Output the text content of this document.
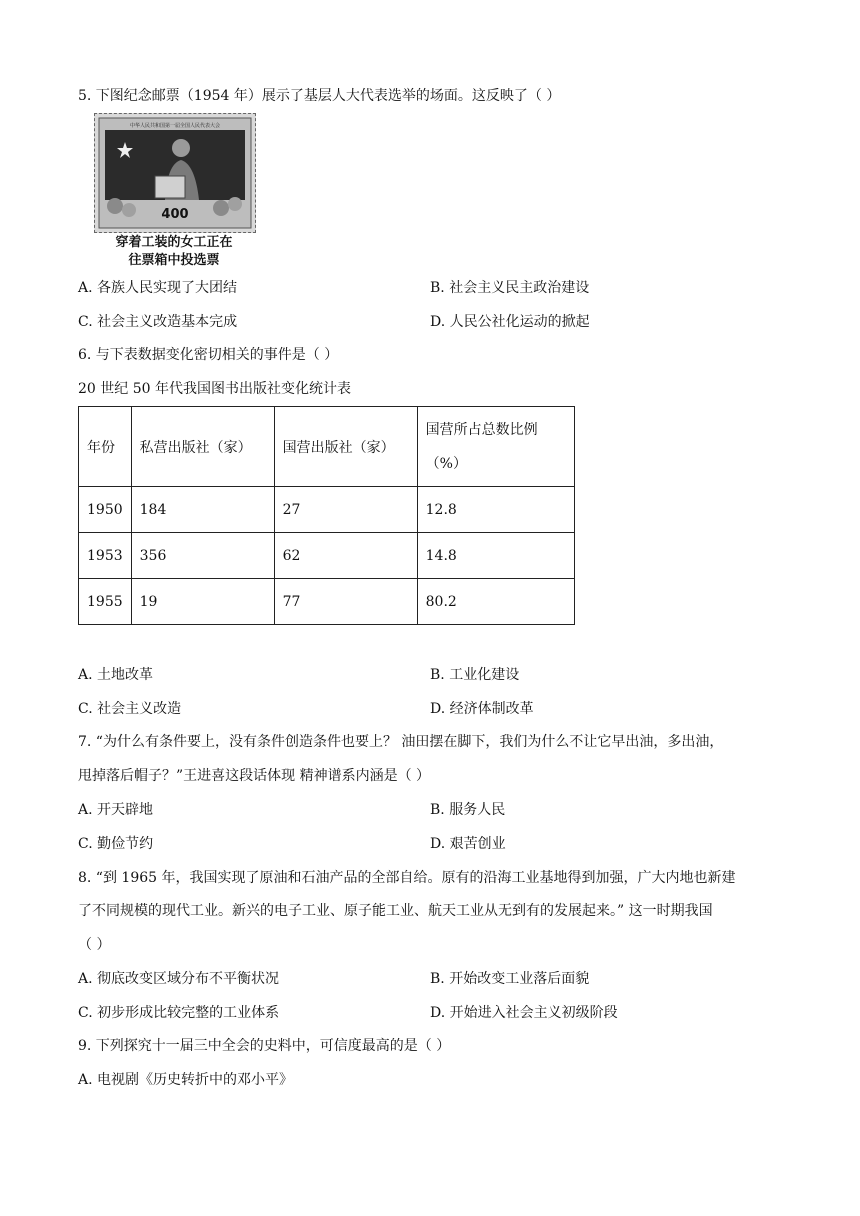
5. 下图纪念邮票（1954 年）展示了基层人大代表选举的场面。这反映了（ ）
中华人民共和国第一届全国人民代表大会
400
穿着工装的女工正在
往票箱中投选票
A. 各族人民实现了大团结	B. 社会主义民主政治建设
C. 社会主义改造基本完成	D. 人民公社化运动的掀起
6. 与下表数据变化密切相关的事件是（ ）
20 世纪 50 年代我国图书出版社变化统计表
年份	私营出版社（家）	国营出版社（家）	国营所占总数比例
（%）

1950	184	27	12.8
1953	356	62	14.8
1955	19	77	80.2
A. 土地改革	B. 工业化建设
C. 社会主义改造	D. 经济体制改革
7. “为什么有条件要上，没有条件创造条件也要上？ 油田摆在脚下，我们为什么不让它早出油，多出油，
甩掉落后帽子？”王进喜这段话体现 精神谱系内涵是（ ）
A. 开天辟地	B. 服务人民
C. 勤俭节约	D. 艰苦创业
8. “到 1965 年，我国实现了原油和石油产品的全部自给。原有的沿海工业基地得到加强，广大内地也新建
了不同规模的现代工业。新兴的电子工业、原子能工业、航天工业从无到有的发展起来。” 这一时期我国
（ ）
A. 彻底改变区域分布不平衡状况	B. 开始改变工业落后面貌
C. 初步形成比较完整的工业体系	D. 开始进入社会主义初级阶段
9. 下列探究十一届三中全会的史料中，可信度最高的是（ ）
A. 电视剧《历史转折中的邓小平》
